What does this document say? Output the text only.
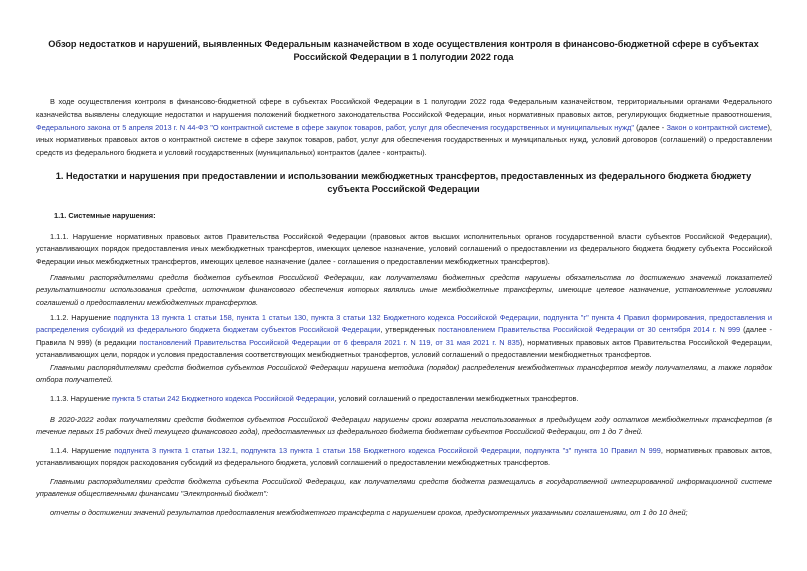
Обзор недостатков и нарушений, выявленных Федеральным казначейством в ходе осуществления контроля в финансово-бюджетной сфере в субъектах Российской Федерации в 1 полугодии 2022 года
В ходе осуществления контроля в финансово-бюджетной сфере в субъектах Российской Федерации в 1 полугодии 2022 года Федеральным казначейством, территориальными органами Федерального казначейства выявлены следующие недостатки и нарушения положений бюджетного законодательства Российской Федерации, иных нормативных правовых актов, регулирующих бюджетные правоотношения, Федерального закона от 5 апреля 2013 г. N 44-ФЗ "О контрактной системе в сфере закупок товаров, работ, услуг для обеспечения государственных и муниципальных нужд" (далее - Закон о контрактной системе), иных нормативных правовых актов о контрактной системе в сфере закупок товаров, работ, услуг для обеспечения государственных и муниципальных нужд, условий договоров (соглашений) о предоставлении средств из федерального бюджета и условий государственных (муниципальных) контрактов (далее - контракты).
1. Недостатки и нарушения при предоставлении и использовании межбюджетных трансфертов, предоставленных из федерального бюджета бюджету субъекта Российской Федерации
1.1. Системные нарушения:
1.1.1. Нарушение нормативных правовых актов Правительства Российской Федерации (правовых актов высших исполнительных органов государственной власти субъектов Российской Федерации), устанавливающих порядок предоставления иных межбюджетных трансфертов, имеющих целевое назначение, условий соглашений о предоставлении из федерального бюджета бюджету субъекта Российской Федерации иных межбюджетных трансфертов, имеющих целевое назначение (далее - соглашения о предоставлении межбюджетных трансфертов).
Главными распорядителями средств бюджетов субъектов Российской Федерации, как получателями бюджетных средств нарушены обязательства по достижению значений показателей результативности использования средств, источником финансового обеспечения которых являлись иные межбюджетные трансферты, имеющие целевое назначение, установленные условиями соглашений о предоставлении межбюджетных трансфертов.
1.1.2. Нарушение подпункта 13 пункта 1 статьи 158, пункта 1 статьи 130, пункта 3 статьи 132 Бюджетного кодекса Российской Федерации, подпункта "г" пункта 4 Правил формирования, предоставления и распределения субсидий из федерального бюджета бюджетам субъектов Российской Федерации, утвержденных постановлением Правительства Российской Федерации от 30 сентября 2014 г. N 999 (далее - Правила N 999) (в редакции постановлений Правительства Российской Федерации от 6 февраля 2021 г. N 119, от 31 мая 2021 г. N 835), нормативных правовых актов Правительства Российской Федерации, устанавливающих цели, порядок и условия предоставления соответствующих межбюджетных трансфертов, условий соглашений о предоставлении межбюджетных трансфертов.
Главными распорядителями средств бюджетов субъектов Российской Федерации нарушена методика (порядок) распределения межбюджетных трансфертов между получателями, а также порядок отбора получателей.
1.1.3. Нарушение пункта 5 статьи 242 Бюджетного кодекса Российской Федерации, условий соглашений о предоставлении межбюджетных трансфертов.
В 2020-2022 годах получателями средств бюджетов субъектов Российской Федерации нарушены сроки возврата неиспользованных в предыдущем году остатков межбюджетных трансфертов (в течение первых 15 рабочих дней текущего финансового года), предоставленных из федерального бюджета бюджетам субъектов Российской Федерации, от 1 до 7 дней.
1.1.4. Нарушение подпункта 3 пункта 1 статьи 132.1, подпункта 13 пункта 1 статьи 158 Бюджетного кодекса Российской Федерации, подпункта "з" пункта 10 Правил N 999, нормативных правовых актов, устанавливающих порядок расходования субсидий из федерального бюджета, условий соглашений о предоставлении межбюджетных трансфертов.
Главными распорядителями средств бюджета субъекта Российской Федерации, как получателями средств бюджета размещались в государственной интегрированной информационной системе управления общественными финансами "Электронный бюджет":
отчеты о достижении значений результатов предоставления межбюджетного трансферта с нарушением сроков, предусмотренных указанными соглашениями, от 1 до 10 дней;
